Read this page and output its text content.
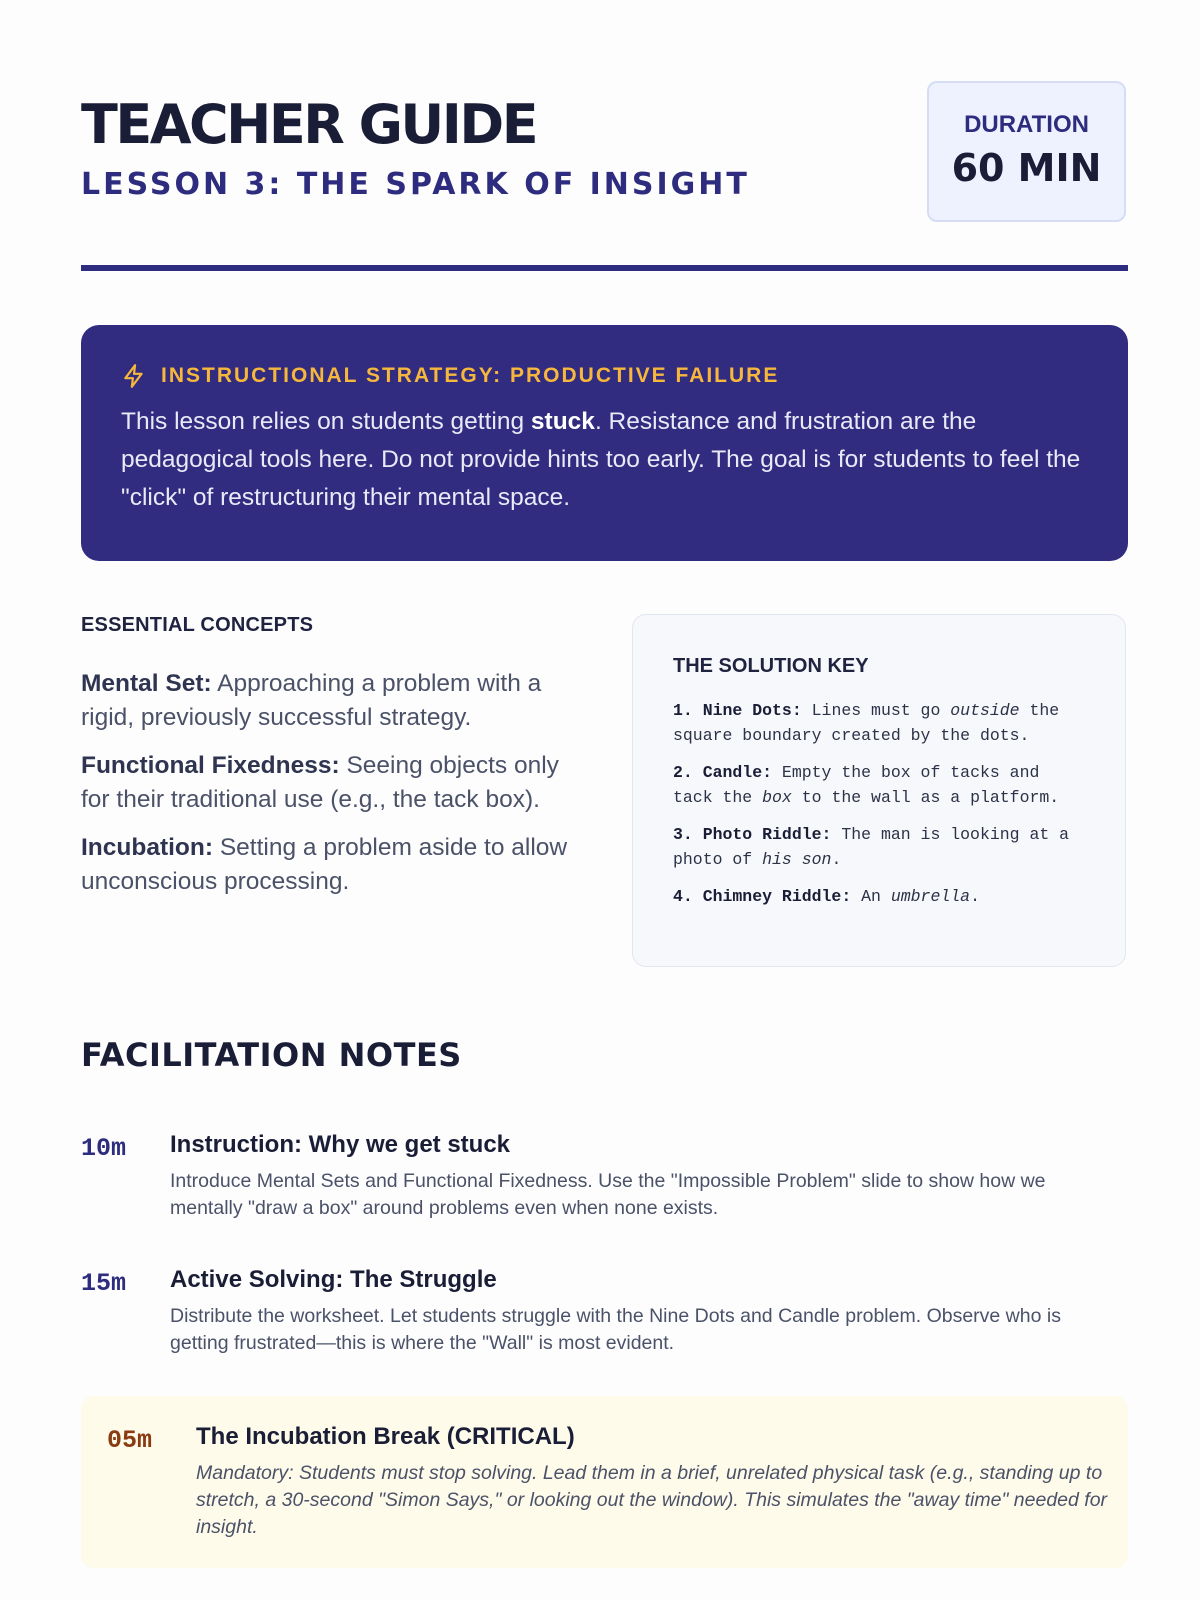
TEACHER GUIDE
LESSON 3: THE SPARK OF INSIGHT
DURATION
60 MIN
INSTRUCTIONAL STRATEGY: PRODUCTIVE FAILURE
This lesson relies on students getting stuck. Resistance and frustration are the pedagogical tools here. Do not provide hints too early. The goal is for students to feel the "click" of restructuring their mental space.
ESSENTIAL CONCEPTS
Mental Set: Approaching a problem with a rigid, previously successful strategy.
Functional Fixedness: Seeing objects only for their traditional use (e.g., the tack box).
Incubation: Setting a problem aside to allow unconscious processing.
THE SOLUTION KEY
1. Nine Dots: Lines must go outside the square boundary created by the dots.
2. Candle: Empty the box of tacks and tack the box to the wall as a platform.
3. Photo Riddle: The man is looking at a photo of his son.
4. Chimney Riddle: An umbrella.
FACILITATION NOTES
10m Instruction: Why we get stuck
Introduce Mental Sets and Functional Fixedness. Use the "Impossible Problem" slide to show how we mentally "draw a box" around problems even when none exists.
15m Active Solving: The Struggle
Distribute the worksheet. Let students struggle with the Nine Dots and Candle problem. Observe who is getting frustrated—this is where the "Wall" is most evident.
05m The Incubation Break (CRITICAL)
Mandatory: Students must stop solving. Lead them in a brief, unrelated physical task (e.g., standing up to stretch, a 30-second "Simon Says," or looking out the window). This simulates the "away time" needed for insight.
